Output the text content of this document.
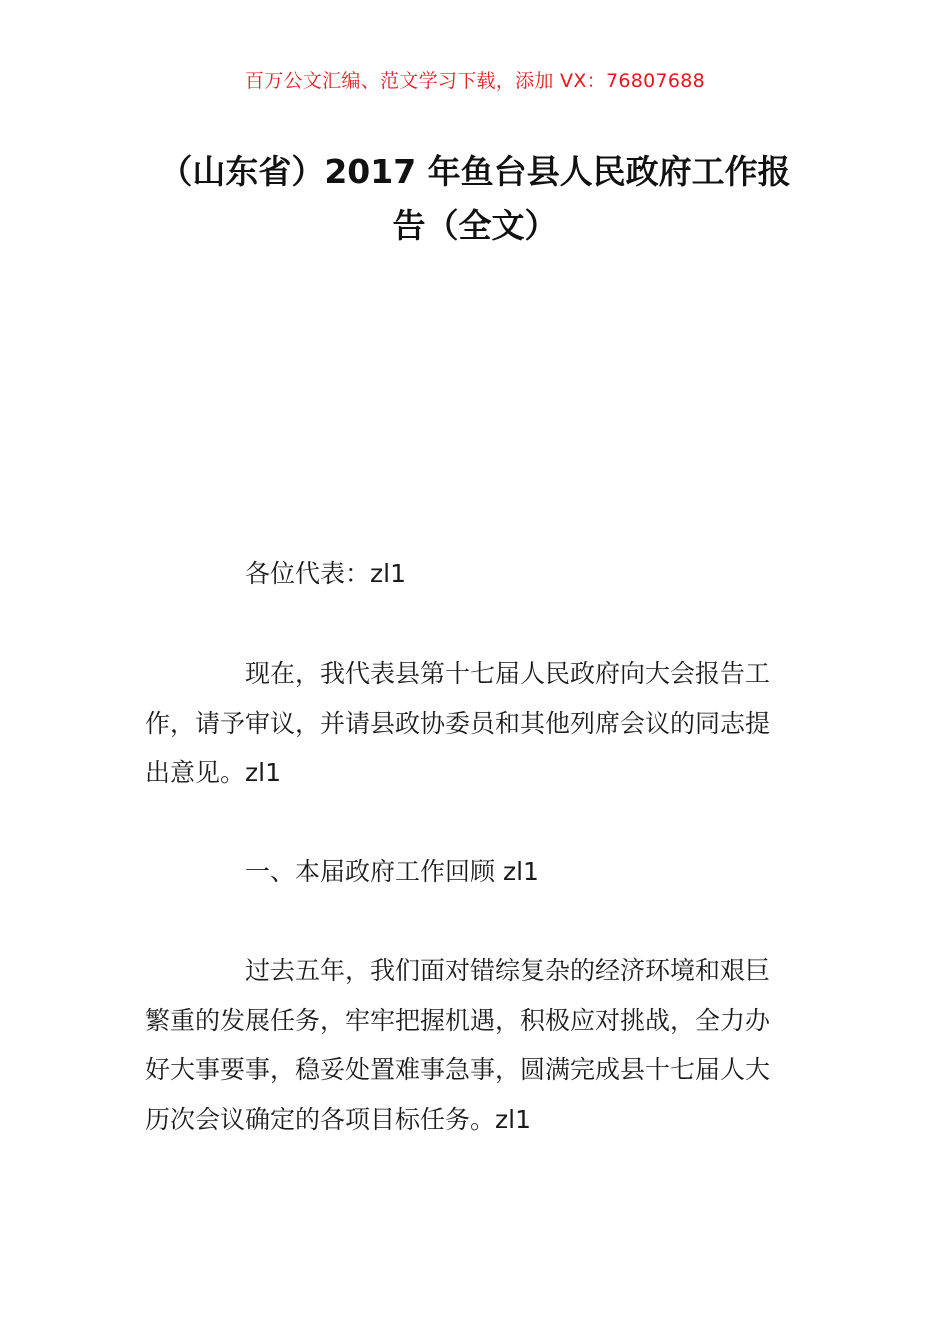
百万公文汇编、范文学习下载，添加 VX：76807688
（山东省）2017 年鱼台县人民政府工作报
告（全文）
各位代表：zl1
现在，我代表县第十七届人民政府向大会报告工
作，请予审议，并请县政协委员和其他列席会议的同志提
出意见。zl1
一、本届政府工作回顾 zl1
过去五年，我们面对错综复杂的经济环境和艰巨
繁重的发展任务，牢牢把握机遇，积极应对挑战，全力办
好大事要事，稳妥处置难事急事，圆满完成县十七届人大
历次会议确定的各项目标任务。zl1
